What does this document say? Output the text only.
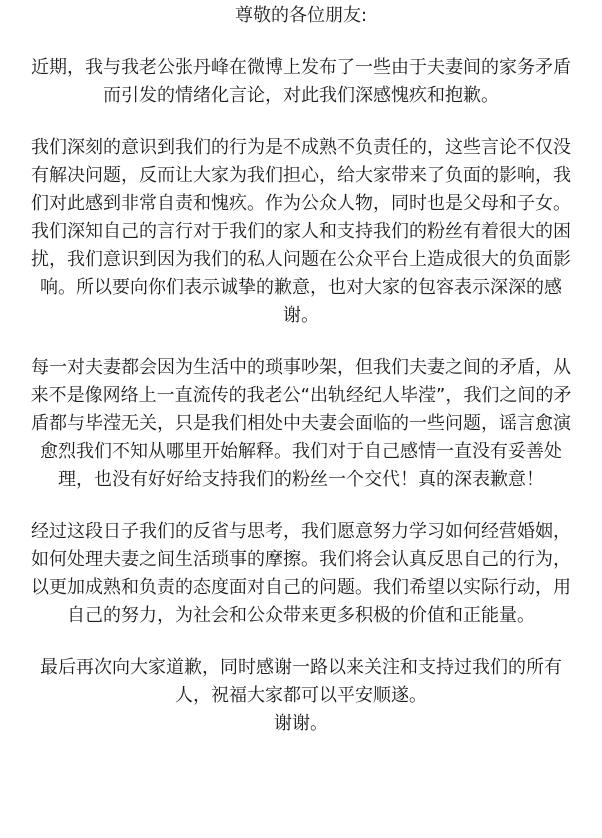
尊敬的各位朋友:

近期，我与我老公张丹峰在微博上发布了一些由于夫妻间的家务矛盾而引发的情绪化言论，对此我们深感愧疚和抱歉。

我们深刻的意识到我们的行为是不成熟不负责任的，这些言论不仅没有解决问题，反而让大家为我们担心，给大家带来了负面的影响，我们对此感到非常自责和愧疚。作为公众人物，同时也是父母和子女。我们深知自己的言行对于我们的家人和支持我们的粉丝有着很大的困扰，我们意识到因为我们的私人问题在公众平台上造成很大的负面影响。所以要向你们表示诚挚的歉意，也对大家的包容表示深深的感谢。

每一对夫妻都会因为生活中的琐事吵架，但我们夫妻之间的矛盾，从来不是像网络上一直流传的我老公“出轨经纪人毕滢”，我们之间的矛盾都与毕滢无关，只是我们相处中夫妻会面临的一些问题，谣言愈演愈烈我们不知从哪里开始解释。我们对于自己感情一直没有妥善处理，也没有好好给支持我们的粉丝一个交代！真的深表歉意！

经过这段日子我们的反省与思考，我们愿意努力学习如何经营婚姻，如何处理夫妻之间生活琐事的摩擦。我们将会认真反思自己的行为，以更加成熟和负责的态度面对自己的问题。我们希望以实际行动，用自己的努力，为社会和公众带来更多积极的价值和正能量。

最后再次向大家道歉，同时感谢一路以来关注和支持过我们的所有人，祝福大家都可以平安顺遂。

谢谢。
